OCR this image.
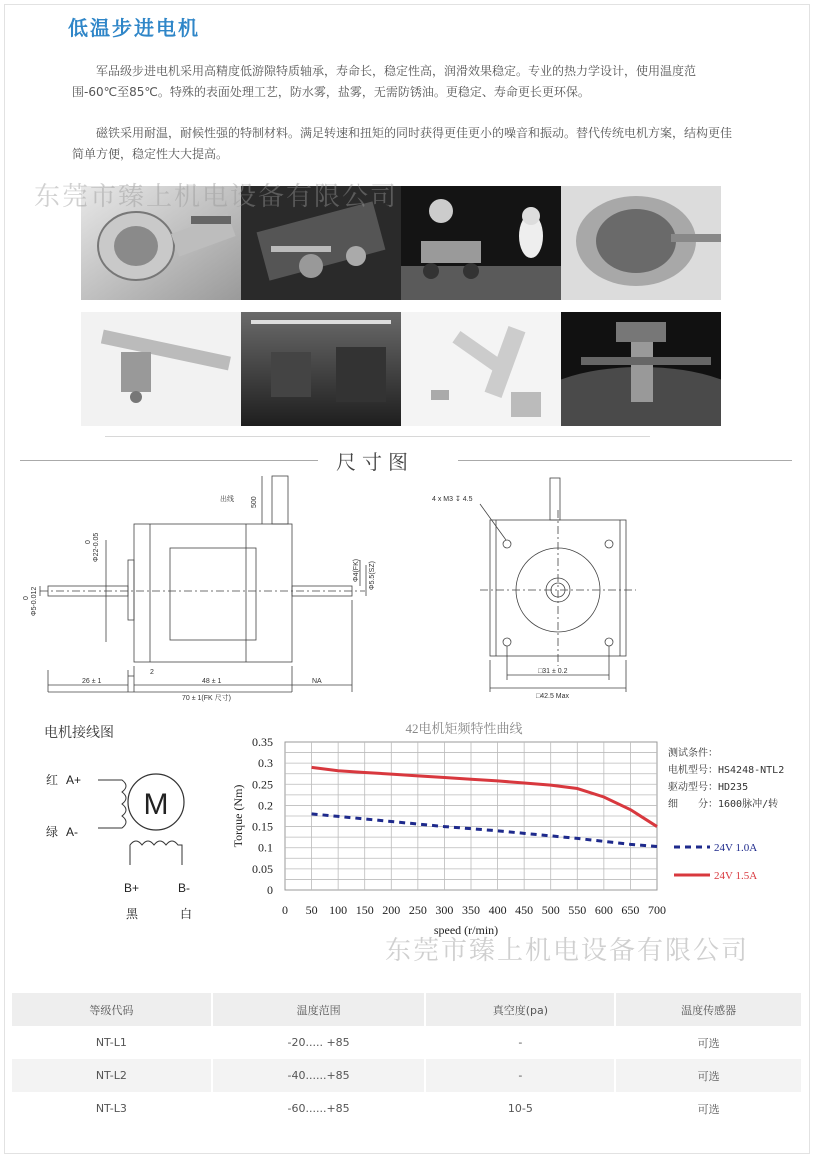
低温步进电机

军品级步进电机采用高精度低游隙特质轴承，寿命长，稳定性高，润滑效果稳定。专业的热力学设计，使用温度范围-60℃至85℃。特殊的表面处理工艺，防水雾，盐雾，无需防锈油。更稳定、寿命更长更环保。

磁铁采用耐温，耐候性强的特制材料。满足转速和扭矩的同时获得更佳更小的噪音和振动。替代传统电机方案，结构更佳简单方便，稳定性大大提高。

东莞市臻上机电设备有限公司
尺寸图
出线 500
Φ22-0.05
0
Φ5-0.012
0
Φ4(FK) Φ5.5(SZ)
26 ± 1
2
48 ± 1
70 ± 1(FK 尺寸)
NA
4 x M3 ↧ 4.5
□31 ± 0.2
□42.5 Max
电机接线图
M
红 A+
绿 A-
B+	B-
黑	白
42电机矩频特性曲线
0
0.05
0.1
0.15
0.2
0.25
0.3
0.35
0 50 100 150 200 250 300 350 400 450 500 550 600 650 700
Torque (Nm)
speed (r/min)
测试条件：
电机型号：HS4248-NTL2
驱动型号：HD235
细　　分：1600脉冲/转
24V 1.0A
24V 1.5A
东莞市臻上机电设备有限公司
等级代码	温度范围	真空度(pa)	温度传感器
NT-L1	-20..... +85	-	可选
NT-L2	-40......+85	-	可选
NT-L3	-60......+85	10-5	可选
